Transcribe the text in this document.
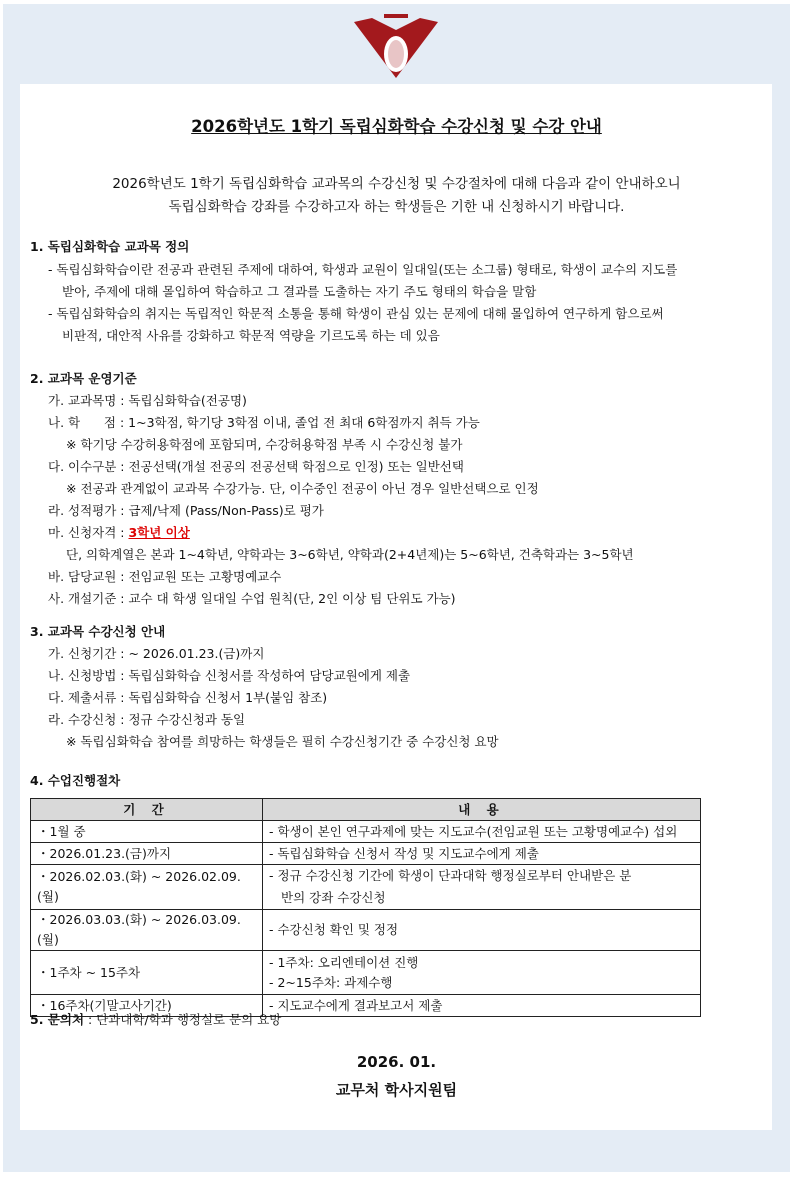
2026학년도 1학기 독립심화학습 수강신청 및 수강 안내
2026학년도 1학기 독립심화학습 교과목의 수강신청 및 수강절차에 대해 다음과 같이 안내하오니
독립심화학습 강좌를 수강하고자 하는 학생들은 기한 내 신청하시기 바랍니다.
1. 독립심화학습 교과목 정의
- 독립심화학습이란 전공과 관련된 주제에 대하여, 학생과 교원이 일대일(또는 소그룹) 형태로, 학생이 교수의 지도를
받아, 주제에 대해 몰입하여 학습하고 그 결과를 도출하는 자기 주도 형태의 학습을 말함
- 독립심화학습의 취지는 독립적인 학문적 소통을 통해 학생이 관심 있는 문제에 대해 몰입하여 연구하게 함으로써
비판적, 대안적 사유를 강화하고 학문적 역량을 기르도록 하는 데 있음
2. 교과목 운영기준
가. 교과목명 : 독립심화학습(전공명)
나. 학      점 : 1~3학점, 학기당 3학점 이내, 졸업 전 최대 6학점까지 취득 가능
※ 학기당 수강허용학점에 포함되며, 수강허용학점 부족 시 수강신청 불가
다. 이수구분 : 전공선택(개설 전공의 전공선택 학점으로 인정) 또는 일반선택
※ 전공과 관계없이 교과목 수강가능. 단, 이수중인 전공이 아닌 경우 일반선택으로 인정
라. 성적평가 : 급제/낙제 (Pass/Non-Pass)로 평가
마. 신청자격 : 3학년 이상
단, 의학계열은 본과 1~4학년, 약학과는 3~6학년, 약학과(2+4년제)는 5~6학년, 건축학과는 3~5학년
바. 담당교원 : 전임교원 또는 고황명예교수
사. 개설기준 : 교수 대 학생 일대일 수업 원칙(단, 2인 이상 팀 단위도 가능)
3. 교과목 수강신청 안내
가. 신청기간 : ~ 2026.01.23.(금)까지
나. 신청방법 : 독립심화학습 신청서를 작성하여 담당교원에게 제출
다. 제출서류 : 독립심화학습 신청서 1부(붙임 참조)
라. 수강신청 : 정규 수강신청과 동일
※ 독립심화학습 참여를 희망하는 학생들은 필히 수강신청기간 중 수강신청 요망
4. 수업진행절차
기 간	내 용
・1월 중	- 학생이 본인 연구과제에 맞는 지도교수(전임교원 또는 고황명예교수) 섭외

・2026.01.23.(금)까지	- 독립심화학습 신청서 작성 및 지도교수에게 제출

・2026.02.03.(화) ~ 2026.02.09.(월)	- 정규 수강신청 기간에 학생이 단과대학 행정실로부터 안내받은 분
반의 강좌 수강신청

・2026.03.03.(화) ~ 2026.03.09.(월)	- 수강신청 확인 및 정정

・1주차 ~ 15주차	- 1주차: 오리엔테이션 진행
- 2~15주차: 과제수행

・16주차(기말고사기간)	- 지도교수에게 결과보고서 제출
5. 문의처 : 단과대학/학과 행정실로 문의 요망
2026. 01.
교무처 학사지원팀
